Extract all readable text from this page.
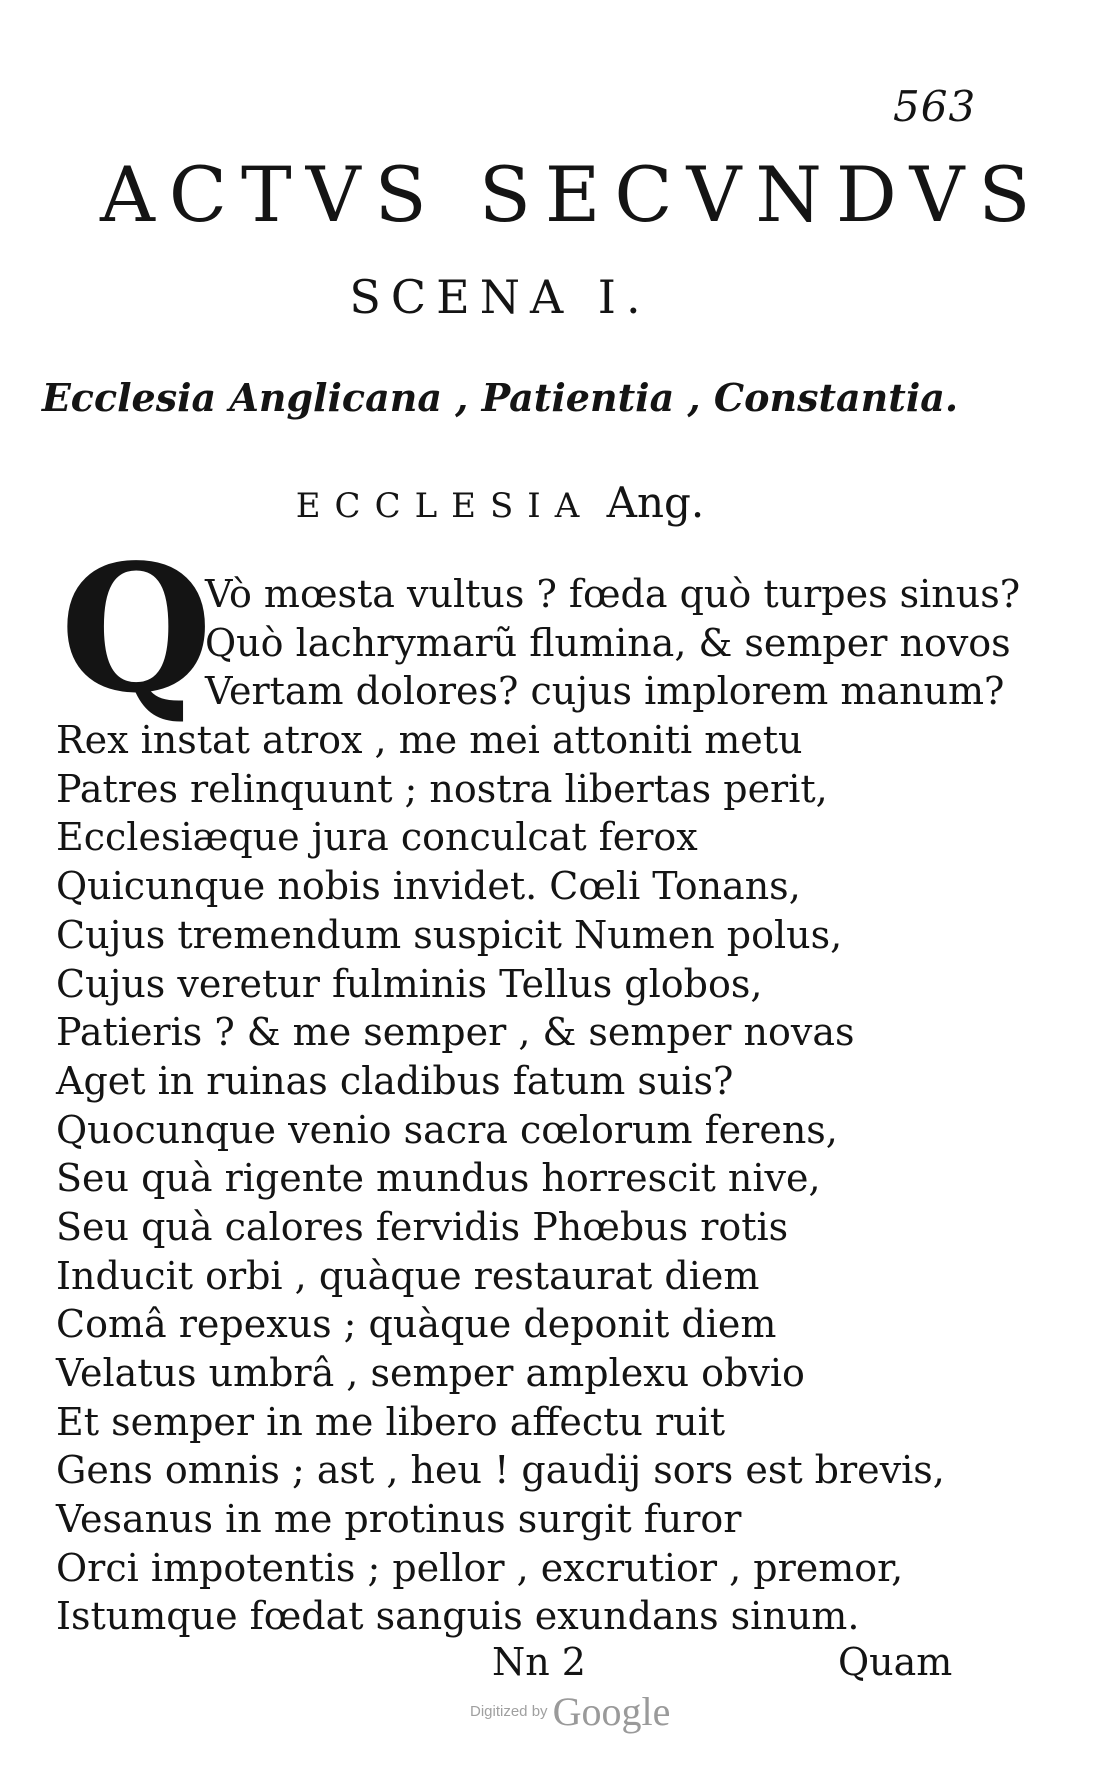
563
ACTVS SECVNDVS
SCENA I.
Ecclesia Anglicana , Patientia , Constantia.
ECCLESIA Ang.
Q
Vò mœsta vultus ? fœda quò turpes sinus?
Quò lachrymarũ flumina, & semper novos
Vertam dolores? cujus implorem manum?
Rex instat atrox , me mei attoniti metu
Patres relinquunt ; nostra libertas perit,
Ecclesiæque jura conculcat ferox
Quicunque nobis invidet. Cœli Tonans,
Cujus tremendum suspicit Numen polus,
Cujus veretur fulminis Tellus globos,
Patieris ? & me semper , & semper novas
Aget in ruinas cladibus fatum suis?
Quocunque venio sacra cœlorum ferens,
Seu quà rigente mundus horrescit nive,
Seu quà calores fervidis Phœbus rotis
Inducit orbi , quàque restaurat diem
Comâ repexus ; quàque deponit diem
Velatus umbrâ , semper amplexu obvio
Et semper in me libero affectu ruit
Gens omnis ; ast , heu ! gaudij sors est brevis,
Vesanus in me protinus surgit furor
Orci impotentis ; pellor , excrutior , premor,
Istumque fœdat sanguis exundans sinum.
Nn 2	Quam
Digitized by Google
